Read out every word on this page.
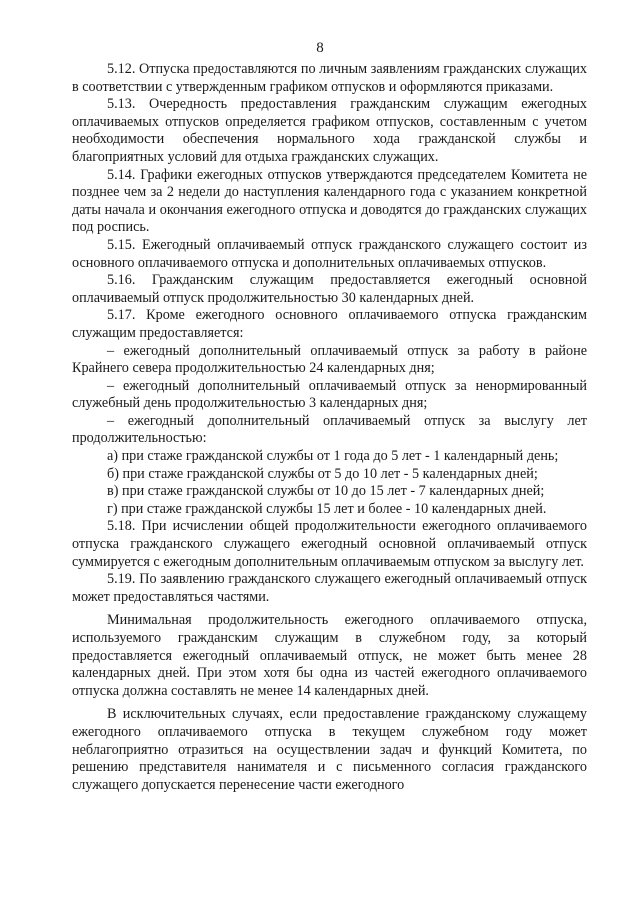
8

5.12. Отпуска предоставляются по личным заявлениям гражданских служащих в соответствии с утвержденным графиком отпусков и оформляются приказами.

5.13. Очередность предоставления гражданским служащим ежегодных оплачиваемых отпусков определяется графиком отпусков, составленным с учетом необходимости обеспечения нормального хода гражданской службы и благоприятных условий для отдыха гражданских служащих.

5.14. Графики ежегодных отпусков утверждаются председателем Комитета не позднее чем за 2 недели до наступления календарного года с указанием конкретной даты начала и окончания ежегодного отпуска и доводятся до гражданских служащих под роспись.

5.15. Ежегодный оплачиваемый отпуск гражданского служащего состоит из основного оплачиваемого отпуска и дополнительных оплачиваемых отпусков.

5.16. Гражданским служащим предоставляется ежегодный основной оплачиваемый отпуск продолжительностью 30 календарных дней.

5.17. Кроме ежегодного основного оплачиваемого отпуска гражданским служащим предоставляется:

– ежегодный дополнительный оплачиваемый отпуск за работу в районе Крайнего севера продолжительностью 24 календарных дня;

– ежегодный дополнительный оплачиваемый отпуск за ненормированный служебный день продолжительностью 3 календарных дня;

– ежегодный дополнительный оплачиваемый отпуск за выслугу лет продолжительностью:

а) при стаже гражданской службы от 1 года до 5 лет - 1 календарный день;

б) при стаже гражданской службы от 5 до 10 лет - 5 календарных дней;

в) при стаже гражданской службы от 10 до 15 лет - 7 календарных дней;

г) при стаже гражданской службы 15 лет и более - 10 календарных дней.

5.18. При исчислении общей продолжительности ежегодного оплачиваемого отпуска гражданского служащего ежегодный основной оплачиваемый отпуск суммируется с ежегодным дополнительным оплачиваемым отпуском за выслугу лет.

5.19. По заявлению гражданского служащего ежегодный оплачиваемый отпуск может предоставляться частями.

Минимальная продолжительность ежегодного оплачиваемого отпуска, используемого гражданским служащим в служебном году, за который предоставляется ежегодный оплачиваемый отпуск, не может быть менее 28 календарных дней. При этом хотя бы одна из частей ежегодного оплачиваемого отпуска должна составлять не менее 14 календарных дней.

В исключительных случаях, если предоставление гражданскому служащему ежегодного оплачиваемого отпуска в текущем служебном году может неблагоприятно отразиться на осуществлении задач и функций Комитета, по решению представителя нанимателя и с письменного согласия гражданского служащего допускается перенесение части ежегодного
